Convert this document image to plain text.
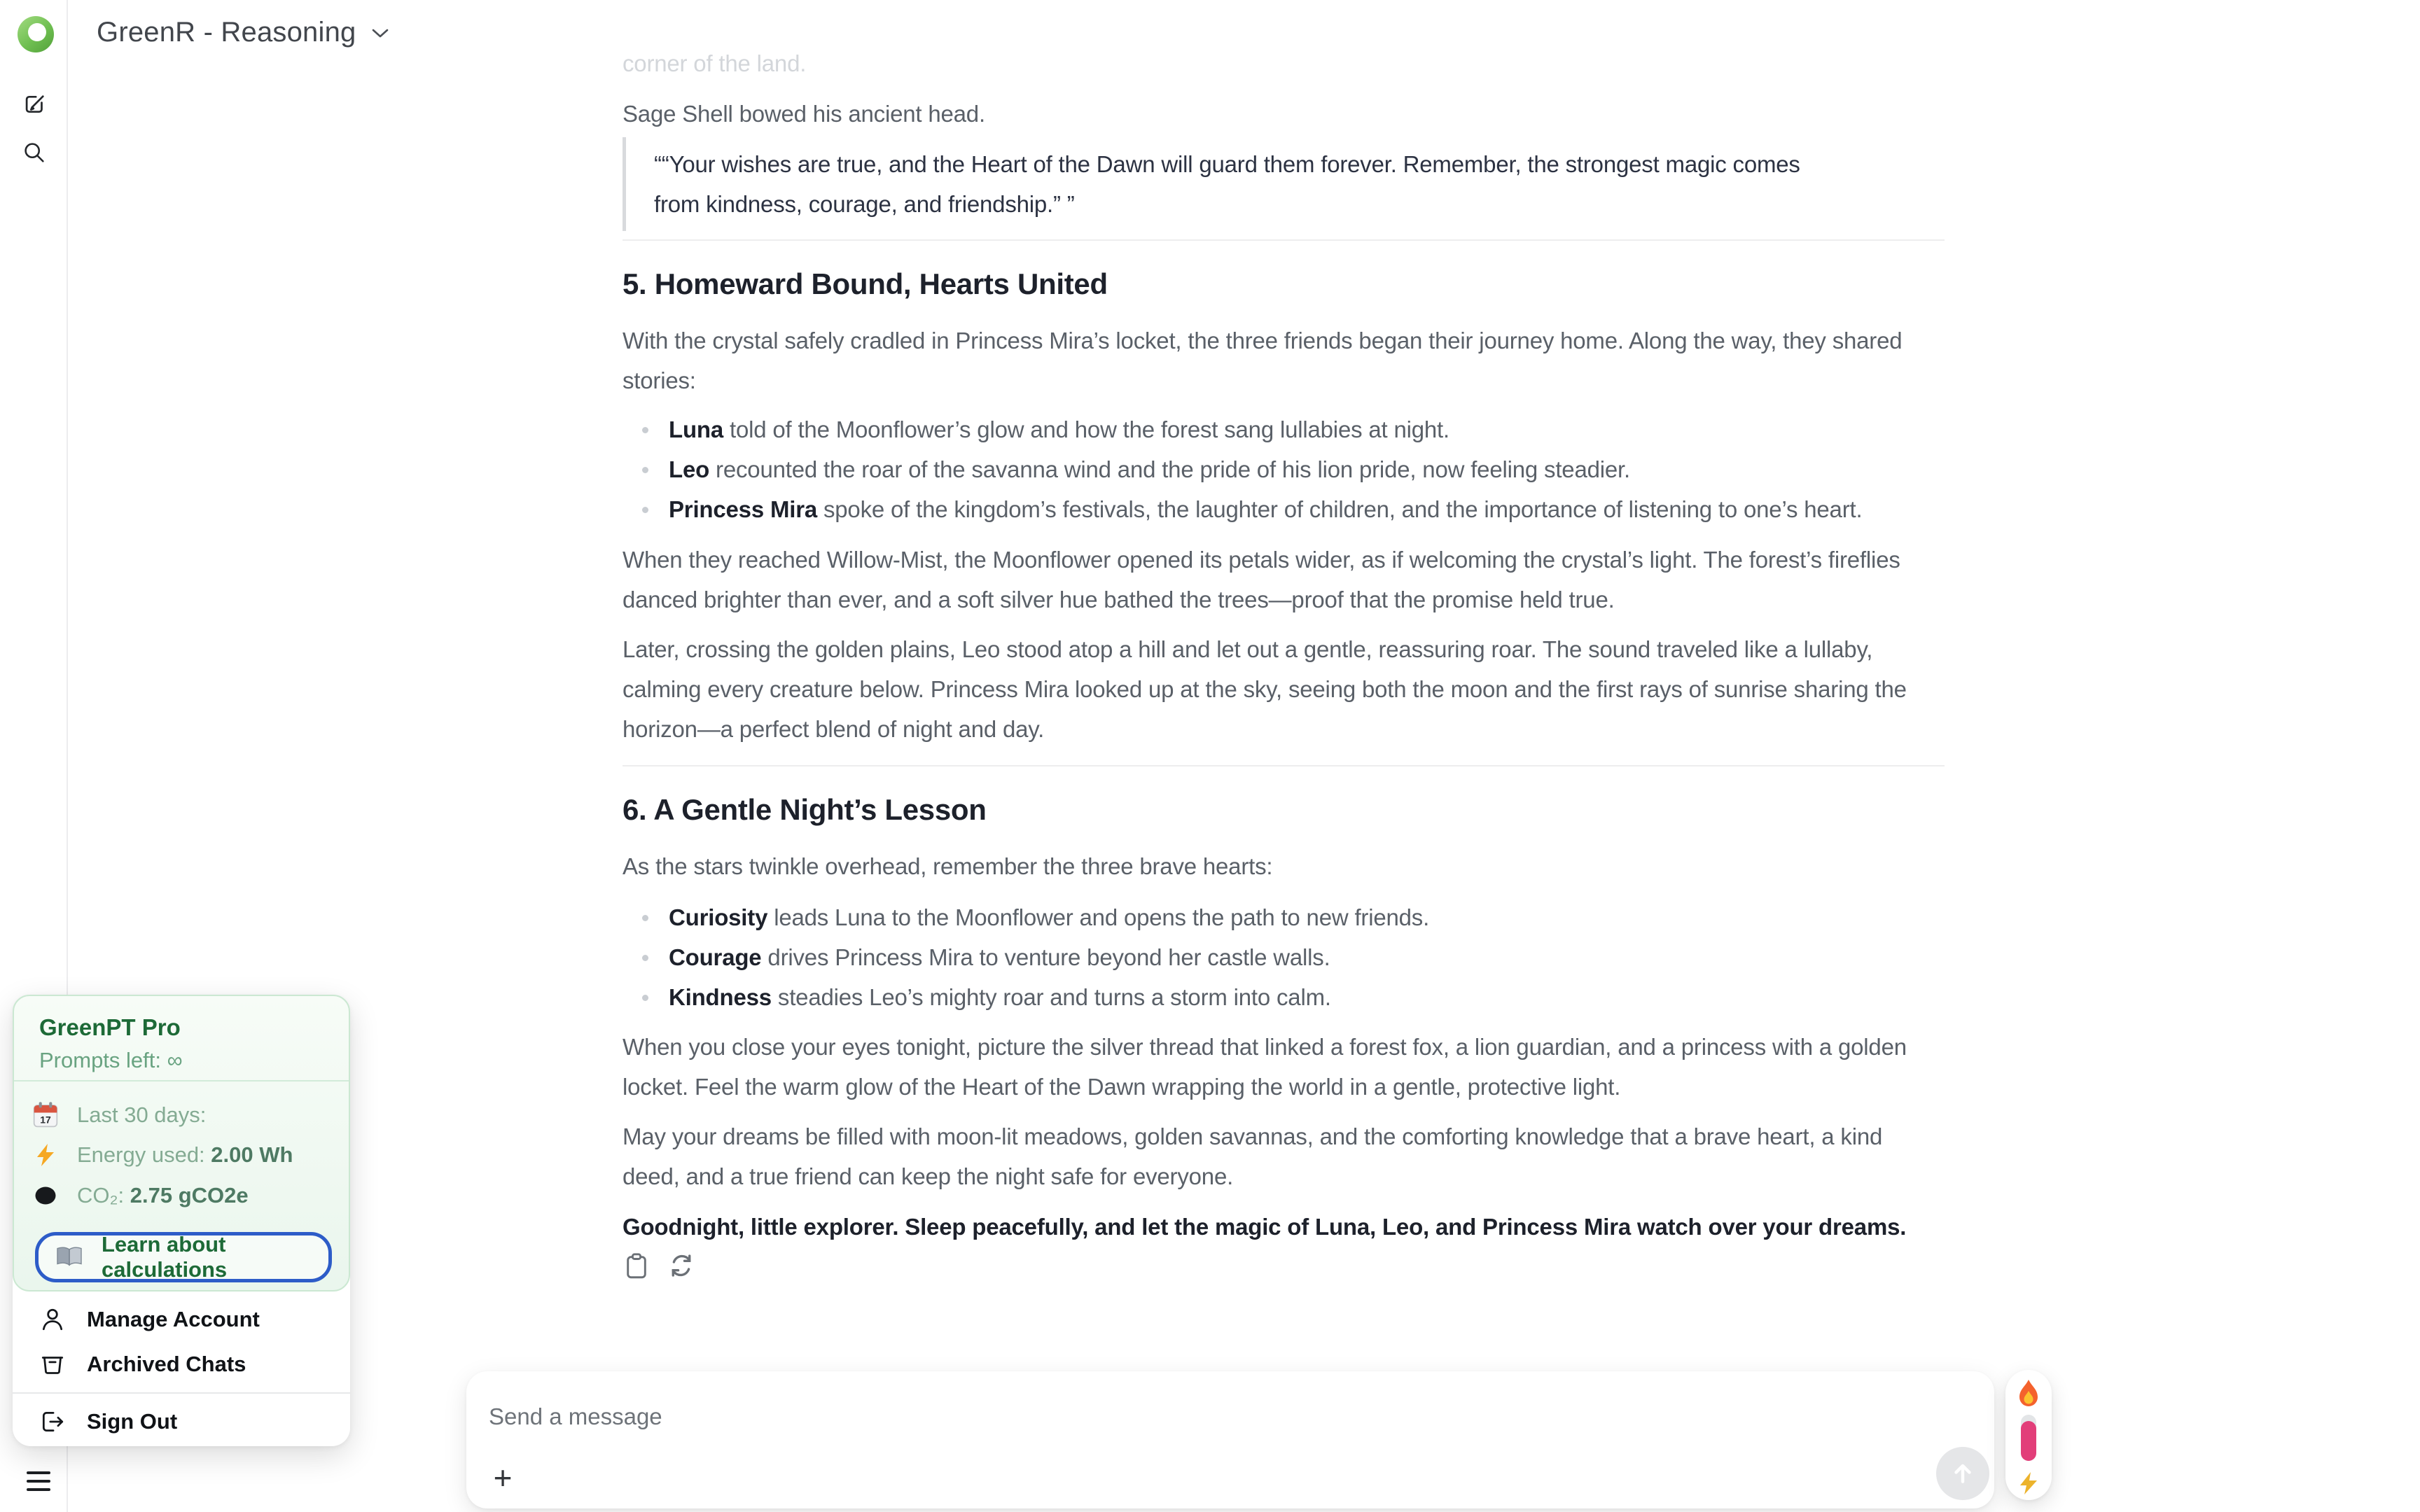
GreenR - Reasoning
corner of the land.
Sage Shell bowed his ancient head.
““Your wishes are true, and the Heart of the Dawn will guard them forever. Remember, the strongest magic comes from kindness, courage, and friendship.” ”
5. Homeward Bound, Hearts United
With the crystal safely cradled in Princess Mira’s locket, the three friends began their journey home. Along the way, they shared stories:
Luna told of the Moonflower’s glow and how the forest sang lullabies at night.
Leo recounted the roar of the savanna wind and the pride of his lion pride, now feeling steadier.
Princess Mira spoke of the kingdom’s festivals, the laughter of children, and the importance of listening to one’s heart.
When they reached Willow-Mist, the Moonflower opened its petals wider, as if welcoming the crystal’s light. The forest’s fireflies danced brighter than ever, and a soft silver hue bathed the trees—proof that the promise held true.
Later, crossing the golden plains, Leo stood atop a hill and let out a gentle, reassuring roar. The sound traveled like a lullaby, calming every creature below. Princess Mira looked up at the sky, seeing both the moon and the first rays of sunrise sharing the horizon—a perfect blend of night and day.
6. A Gentle Night’s Lesson
As the stars twinkle overhead, remember the three brave hearts:
Curiosity leads Luna to the Moonflower and opens the path to new friends.
Courage drives Princess Mira to venture beyond her castle walls.
Kindness steadies Leo’s mighty roar and turns a storm into calm.
When you close your eyes tonight, picture the silver thread that linked a forest fox, a lion guardian, and a princess with a golden locket. Feel the warm glow of the Heart of the Dawn wrapping the world in a gentle, protective light.
May your dreams be filled with moon-lit meadows, golden savannas, and the comforting knowledge that a brave heart, a kind deed, and a true friend can keep the night safe for everyone.
Goodnight, little explorer. Sleep peacefully, and let the magic of Luna, Leo, and Princess Mira watch over your dreams.
GreenPT Pro
Prompts left: ∞
17 Last 30 days:
Energy used: 2.00 Wh
CO₂: 2.75 gCO2e
Learn about calculations
Manage Account
Archived Chats
Sign Out	Send a message
+
